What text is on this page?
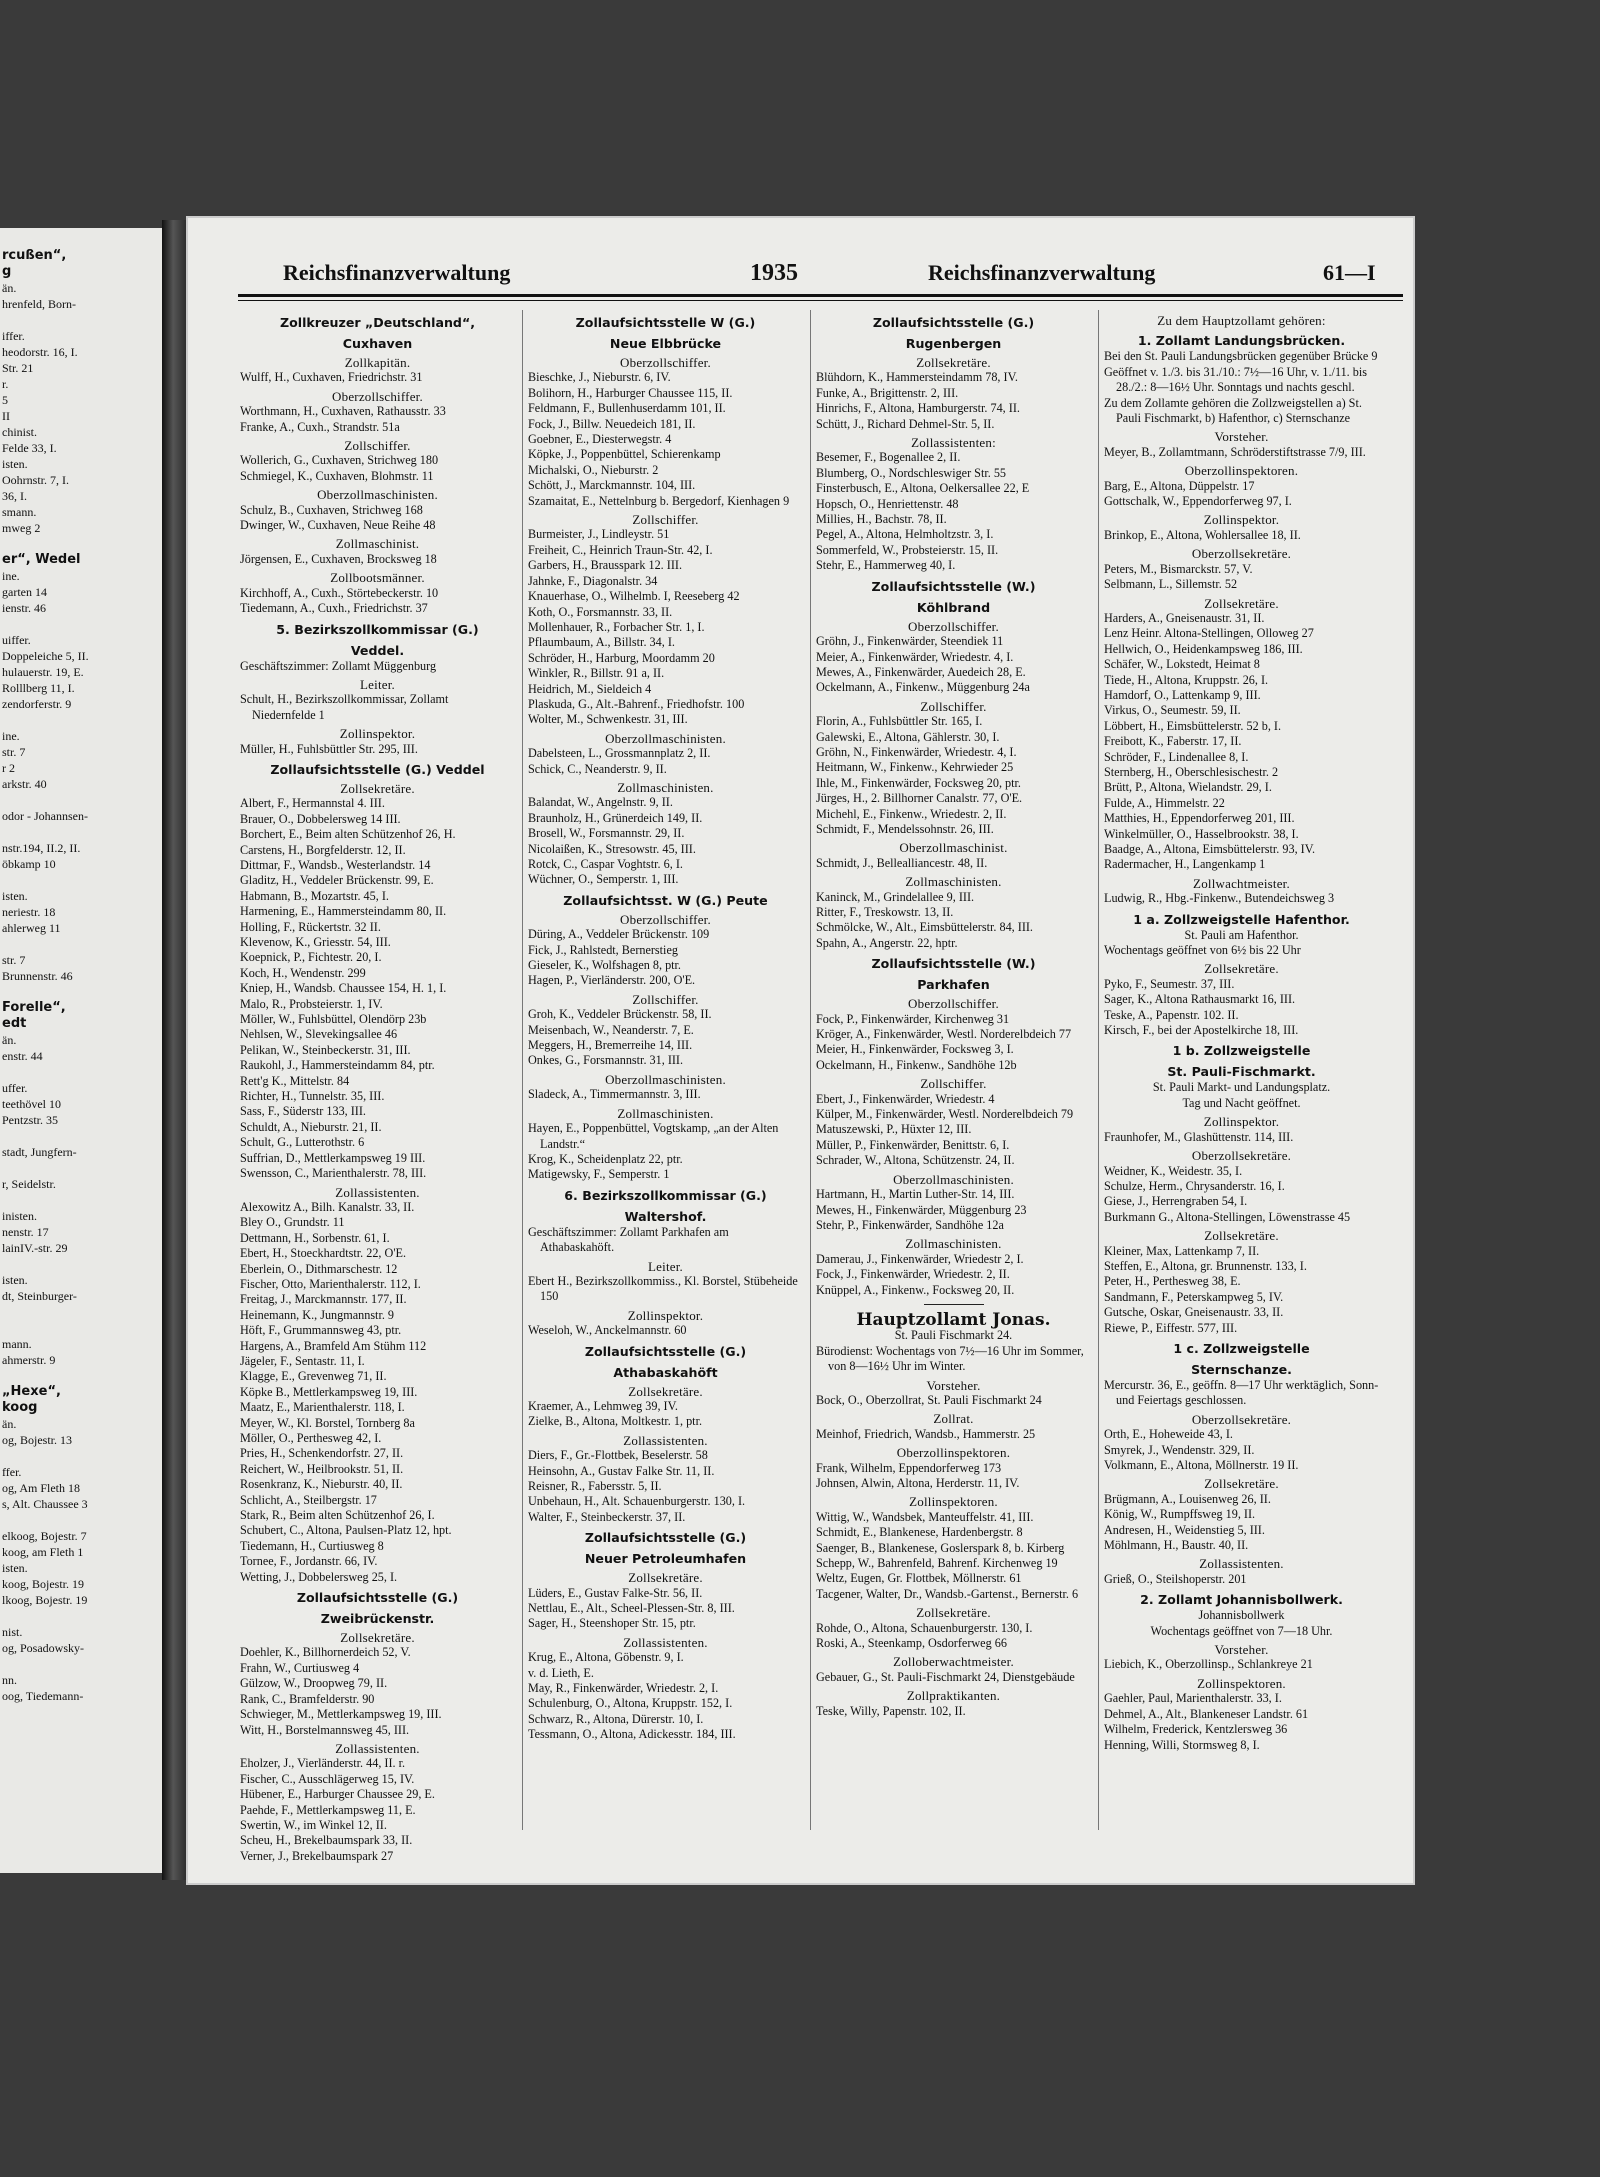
rcußen“,
g
än.
hrenfeld, Born-

iffer.
heodorstr. 16, I.
Str. 21
r.
5
II
chinist.
Felde 33, I.
isten.
Oohrnstr. 7, I.
36, I.
smann.
mweg 2

er“, Wedel
ine.
garten 14
ienstr. 46

uiffer.
Doppeleiche 5, II.
hulauerstr. 19, E.
Rolllberg 11, I.
zendorferstr. 9

ine.
str. 7
r 2
arkstr. 40

odor - Johannsen-

nstr.194, II.2, II.
öbkamp 10

isten.
neriestr. 18
ahlerweg 11

str. 7
Brunnenstr. 46

Forelle“,
edt
än.
enstr. 44

uffer.
teethövel 10
Pentzstr. 35

stadt, Jungfern-

r, Seidelstr.

inisten.
nenstr. 17
lainIV.-str. 29

isten.
dt, Steinburger-

mann.
ahmerstr. 9

„Hexe“,
koog
än.
og, Bojestr. 13

ffer.
og, Am Fleth 18
s, Alt. Chaussee 3

elkoog, Bojestr. 7
koog, am Fleth 1
isten.
koog, Bojestr. 19
lkoog, Bojestr. 19

nist.
og, Posadowsky-

nn.
oog, Tiedemann-
Reichsfinanzverwaltung	1935	Reichsfinanzverwaltung	61—I
Zollkreuzer „Deutschland“,
Cuxhaven
Zollkapitän.
Wulff, H., Cuxhaven, Friedrichstr. 31
Oberzollschiffer.
Worthmann, H., Cuxhaven, Rathausstr. 33
Franke, A., Cuxh., Strandstr. 51a
Zollschiffer.
Wollerich, G., Cuxhaven, Strichweg 180
Schmiegel, K., Cuxhaven, Blohmstr. 11
Oberzollmaschinisten.
Schulz, B., Cuxhaven, Strichweg 168
Dwinger, W., Cuxhaven, Neue Reihe 48
Zollmaschinist.
Jörgensen, E., Cuxhaven, Brocksweg 18
Zollbootsmänner.
Kirchhoff, A., Cuxh., Störtebeckerstr. 10
Tiedemann, A., Cuxh., Friedrichstr. 37
5. Bezirkszollkommissar (G.)
Veddel.
Geschäftszimmer: Zollamt Müggenburg
Leiter.
Schult, H., Bezirkszollkommissar, Zollamt Niedernfelde 1
Zollinspektor.
Müller, H., Fuhlsbüttler Str. 295, III.
Zollaufsichtsstelle (G.) Veddel
Zollsekretäre.
Albert, F., Hermannstal 4. III.
Brauer, O., Dobbelersweg 14 III.
Borchert, E., Beim alten Schützenhof 26, H.
Carstens, H., Borgfelderstr. 12, II.
Dittmar, F., Wandsb., Westerlandstr. 14
Gladitz, H., Veddeler Brückenstr. 99, E.
Habmann, B., Mozartstr. 45, I.
Harmening, E., Hammersteindamm 80, II.
Holling, F., Rückertstr. 32 II.
Klevenow, K., Griesstr. 54, III.
Koepnick, P., Fichtestr. 20, I.
Koch, H., Wendenstr. 299
Kniep, H., Wandsb. Chaussee 154, H. 1, I.
Malo, R., Probsteierstr. 1, IV.
Möller, W., Fuhlsbüttel, Olendörp 23b
Nehlsen, W., Slevekingsallee 46
Pelikan, W., Steinbeckerstr. 31, III.
Raukohl, J., Hammersteindamm 84, ptr.
Rett'g K., Mittelstr. 84
Richter, H., Tunnelstr. 35, III.
Sass, F., Süderstr 133, III.
Schuldt, A., Nieburstr. 21, II.
Schult, G., Lutterothstr. 6
Suffrian, D., Mettlerkampsweg 19 III.
Swensson, C., Marienthalerstr. 78, III.
Zollassistenten.
Alexowitz A., Bilh. Kanalstr. 33, II.
Bley O., Grundstr. 11
Dettmann, H., Sorbenstr. 61, I.
Ebert, H., Stoeckhardtstr. 22, O'E.
Eberlein, O., Dithmarschestr. 12
Fischer, Otto, Marienthalerstr. 112, I.
Freitag, J., Marckmannstr. 177, II.
Heinemann, K., Jungmannstr. 9
Höft, F., Grummannsweg 43, ptr.
Hargens, A., Bramfeld Am Stühm 112
Jägeler, F., Sentastr. 11, I.
Klagge, E., Grevenweg 71, II.
Köpke B., Mettlerkampsweg 19, III.
Maatz, E., Marienthalerstr. 118, I.
Meyer, W., Kl. Borstel, Tornberg 8a
Möller, O., Perthesweg 42, I.
Pries, H., Schenkendorfstr. 27, II.
Reichert, W., Heilbrookstr. 51, II.
Rosenkranz, K., Nieburstr. 40, II.
Schlicht, A., Steilbergstr. 17
Stark, R., Beim alten Schützenhof 26, I.
Schubert, C., Altona, Paulsen-Platz 12, hpt.
Tiedemann, H., Curtiusweg 8
Tornee, F., Jordanstr. 66, IV.
Wetting, J., Dobbelersweg 25, I.
Zollaufsichtsstelle (G.)
Zweibrückenstr.
Zollsekretäre.
Doehler, K., Billhornerdeich 52, V.
Frahn, W., Curtiusweg 4
Gülzow, W., Droopweg 79, II.
Rank, C., Bramfelderstr. 90
Schwieger, M., Mettlerkampsweg 19, III.
Witt, H., Borstelmannsweg 45, III.
Zollassistenten.
Eholzer, J., Vierländerstr. 44, II. r.
Fischer, C., Ausschlägerweg 15, IV.
Hübener, E., Harburger Chaussee 29, E.
Paehde, F., Mettlerkampsweg 11, E.
Swertin, W., im Winkel 12, II.
Scheu, H., Brekelbaumspark 33, II.
Verner, J., Brekelbaumspark 27
Zollaufsichtsstelle W (G.)
Neue Elbbrücke
Oberzollschiffer.
Bieschke, J., Nieburstr. 6, IV.
Bolihorn, H., Harburger Chaussee 115, II.
Feldmann, F., Bullenhuserdamm 101, II.
Fock, J., Billw. Neuedeich 181, II.
Goebner, E., Diesterwegstr. 4
Köpke, J., Poppenbüttel, Schierenkamp
Michalski, O., Nieburstr. 2
Schött, J., Marckmannstr. 104, III.
Szamaitat, E., Nettelnburg b. Bergedorf, Kienhagen 9
Zollschiffer.
Burmeister, J., Lindleystr. 51
Freiheit, C., Heinrich Traun-Str. 42, I.
Garbers, H., Brausspark 12. III.
Jahnke, F., Diagonalstr. 34
Knauerhase, O., Wilhelmb. I, Reeseberg 42
Koth, O., Forsmannstr. 33, II.
Mollenhauer, R., Forbacher Str. 1, I.
Pflaumbaum, A., Billstr. 34, I.
Schröder, H., Harburg, Moordamm 20
Winkler, R., Billstr. 91 a, II.
Heidrich, M., Sieldeich 4
Plaskuda, G., Alt.-Bahrenf., Friedhofstr. 100
Wolter, M., Schwenkestr. 31, III.
Oberzollmaschinisten.
Dabelsteen, L., Grossmannplatz 2, II.
Schick, C., Neanderstr. 9, II.
Zollmaschinisten.
Balandat, W., Angelnstr. 9, II.
Braunholz, H., Grünerdeich 149, II.
Brosell, W., Forsmannstr. 29, II.
Nicolaißen, K., Stresowstr. 45, III.
Rotck, C., Caspar Voghtstr. 6, I.
Wüchner, O., Semperstr. 1, III.
Zollaufsichtsst. W (G.) Peute
Oberzollschiffer.
Düring, A., Veddeler Brückenstr. 109
Fick, J., Rahlstedt, Bernerstieg
Gieseler, K., Wolfshagen 8, ptr.
Hagen, P., Vierländerstr. 200, O'E.
Zollschiffer.
Groh, K., Veddeler Brückenstr. 58, II.
Meisenbach, W., Neanderstr. 7, E.
Meggers, H., Bremerreihe 14, III.
Onkes, G., Forsmannstr. 31, III.
Oberzollmaschinisten.
Sladeck, A., Timmermannstr. 3, III.
Zollmaschinisten.
Hayen, E., Poppenbüttel, Vogtskamp, „an der Alten Landstr.“
Krog, K., Scheidenplatz 22, ptr.
Matigewsky, F., Semperstr. 1
6. Bezirkszollkommissar (G.)
Waltershof.
Geschäftszimmer: Zollamt Parkhafen am Athabaskahöft.
Leiter.
Ebert H., Bezirkszollkommiss., Kl. Borstel, Stübeheide 150
Zollinspektor.
Weseloh, W., Anckelmannstr. 60
Zollaufsichtsstelle (G.)
Athabaskahöft
Zollsekretäre.
Kraemer, A., Lehmweg 39, IV.
Zielke, B., Altona, Moltkestr. 1, ptr.
Zollassistenten.
Diers, F., Gr.-Flottbek, Beselerstr. 58
Heinsohn, A., Gustav Falke Str. 11, II.
Reisner, R., Fabersstr. 5, II.
Unbehaun, H., Alt. Schauenburgerstr. 130, I.
Walter, F., Steinbeckerstr. 37, II.
Zollaufsichtsstelle (G.)
Neuer Petroleumhafen
Zollsekretäre.
Lüders, E., Gustav Falke-Str. 56, II.
Nettlau, E., Alt., Scheel-Plessen-Str. 8, III.
Sager, H., Steenshoper Str. 15, ptr.
Zollassistenten.
Krug, E., Altona, Göbenstr. 9, I.
v. d. Lieth, E.
May, R., Finkenwärder, Wriedestr. 2, I.
Schulenburg, O., Altona, Kruppstr. 152, I.
Schwarz, R., Altona, Dürerstr. 10, I.
Tessmann, O., Altona, Adickesstr. 184, III.
Zollaufsichtsstelle (G.)
Rugenbergen
Zollsekretäre.
Blühdorn, K., Hammersteindamm 78, IV.
Funke, A., Brigittenstr. 2, III.
Hinrichs, F., Altona, Hamburgerstr. 74, II.
Schütt, J., Richard Dehmel-Str. 5, II.
Zollassistenten:
Besemer, F., Bogenallee 2, II.
Blumberg, O., Nordschleswiger Str. 55
Finsterbusch, E., Altona, Oelkersallee 22, E
Hopsch, O., Henriettenstr. 48
Millies, H., Bachstr. 78, II.
Pegel, A., Altona, Helmholtzstr. 3, I.
Sommerfeld, W., Probsteierstr. 15, II.
Stehr, E., Hammerweg 40, I.
Zollaufsichtsstelle (W.)
Köhlbrand
Oberzollschiffer.
Gröhn, J., Finkenwärder, Steendiek 11
Meier, A., Finkenwärder, Wriedestr. 4, I.
Mewes, A., Finkenwärder, Auedeich 28, E.
Ockelmann, A., Finkenw., Müggenburg 24a
Zollschiffer.
Florin, A., Fuhlsbüttler Str. 165, I.
Galewski, E., Altona, Gählerstr. 30, I.
Gröhn, N., Finkenwärder, Wriedestr. 4, I.
Heitmann, W., Finkenw., Kehrwieder 25
Ihle, M., Finkenwärder, Focksweg 20, ptr.
Jürges, H., 2. Billhorner Canalstr. 77, O'E.
Michehl, E., Finkenw., Wriedestr. 2, II.
Schmidt, F., Mendelssohnstr. 26, III.
Oberzollmaschinist.
Schmidt, J., Bellealliancestr. 48, II.
Zollmaschinisten.
Kaninck, M., Grindelallee 9, III.
Ritter, F., Treskowstr. 13, II.
Schmölcke, W., Alt., Eimsbüttelerstr. 84, III.
Spahn, A., Angerstr. 22, hptr.
Zollaufsichtsstelle (W.)
Parkhafen
Oberzollschiffer.
Fock, P., Finkenwärder, Kirchenweg 31
Kröger, A., Finkenwärder, Westl. Norderelbdeich 77
Meier, H., Finkenwärder, Focksweg 3, I.
Ockelmann, H., Finkenw., Sandhöhe 12b
Zollschiffer.
Ebert, J., Finkenwärder, Wriedestr. 4
Külper, M., Finkenwärder, Westl. Norderelbdeich 79
Matuszewski, P., Hüxter 12, III.
Müller, P., Finkenwärder, Benittstr. 6, I.
Schrader, W., Altona, Schützenstr. 24, II.
Oberzollmaschinisten.
Hartmann, H., Martin Luther-Str. 14, III.
Mewes, H., Finkenwärder, Müggenburg 23
Stehr, P., Finkenwärder, Sandhöhe 12a
Zollmaschinisten.
Damerau, J., Finkenwärder, Wriedestr 2, I.
Fock, J., Finkenwärder, Wriedestr. 2, II.
Knüppel, A., Finkenw., Focksweg 20, II.
Hauptzollamt Jonas.
St. Pauli Fischmarkt 24.
Bürodienst: Wochentags von 7½—16 Uhr im Sommer, von 8—16½ Uhr im Winter.
Vorsteher.
Bock, O., Oberzollrat, St. Pauli Fischmarkt 24
Zollrat.
Meinhof, Friedrich, Wandsb., Hammerstr. 25
Oberzollinspektoren.
Frank, Wilhelm, Eppendorferweg 173
Johnsen, Alwin, Altona, Herderstr. 11, IV.
Zollinspektoren.
Wittig, W., Wandsbek, Manteuffelstr. 41, III.
Schmidt, E., Blankenese, Hardenbergstr. 8
Saenger, B., Blankenese, Goslerspark 8, b. Kirberg
Schepp, W., Bahrenfeld, Bahrenf. Kirchenweg 19
Weltz, Eugen, Gr. Flottbek, Möllnerstr. 61
Tacgener, Walter, Dr., Wandsb.-Gartenst., Bernerstr. 6
Zollsekretäre.
Rohde, O., Altona, Schauenburgerstr. 130, I.
Roski, A., Steenkamp, Osdorferweg 66
Zolloberwachtmeister.
Gebauer, G., St. Pauli-Fischmarkt 24, Dienstgebäude
Zollpraktikanten.
Teske, Willy, Papenstr. 102, II.
Zu dem Hauptzollamt gehören:
1. Zollamt Landungsbrücken.
Bei den St. Pauli Landungsbrücken gegenüber Brücke 9
Geöffnet v. 1./3. bis 31./10.: 7½—16 Uhr, v. 1./11. bis 28./2.: 8—16½ Uhr. Sonntags und nachts geschl.
Zu dem Zollamte gehören die Zollzweigstellen a) St. Pauli Fischmarkt, b) Hafenthor, c) Sternschanze
Vorsteher.
Meyer, B., Zollamtmann, Schröderstiftstrasse 7/9, III.
Oberzollinspektoren.
Barg, E., Altona, Düppelstr. 17
Gottschalk, W., Eppendorferweg 97, I.
Zollinspektor.
Brinkop, E., Altona, Wohlersallee 18, II.
Oberzollsekretäre.
Peters, M., Bismarckstr. 57, V.
Selbmann, L., Sillemstr. 52
Zollsekretäre.
Harders, A., Gneisenaustr. 31, II.
Lenz Heinr. Altona-Stellingen, Olloweg 27
Hellwich, O., Heidenkampsweg 186, III.
Schäfer, W., Lokstedt, Heimat 8
Tiede, H., Altona, Kruppstr. 26, I.
Hamdorf, O., Lattenkamp 9, III.
Virkus, O., Seumestr. 59, II.
Löbbert, H., Eimsbüttelerstr. 52 b, I.
Freibott, K., Faberstr. 17, II.
Schröder, F., Lindenallee 8, I.
Sternberg, H., Oberschlesischestr. 2
Brütt, P., Altona, Wielandstr. 29, I.
Fulde, A., Himmelstr. 22
Matthies, H., Eppendorferweg 201, III.
Winkelmüller, O., Hasselbrookstr. 38, I.
Baadge, A., Altona, Eimsbüttelerstr. 93, IV.
Radermacher, H., Langenkamp 1
Zollwachtmeister.
Ludwig, R., Hbg.-Finkenw., Butendeichsweg 3
1 a. Zollzweigstelle Hafenthor.
St. Pauli am Hafenthor.
Wochentags geöffnet von 6½ bis 22 Uhr
Zollsekretäre.
Pyko, F., Seumestr. 37, III.
Sager, K., Altona Rathausmarkt 16, III.
Teske, A., Papenstr. 102. II.
Kirsch, F., bei der Apostelkirche 18, III.
1 b. Zollzweigstelle
St. Pauli-Fischmarkt.
St. Pauli Markt- und Landungsplatz.
Tag und Nacht geöffnet.
Zollinspektor.
Fraunhofer, M., Glashüttenstr. 114, III.
Oberzollsekretäre.
Weidner, K., Weidestr. 35, I.
Schulze, Herm., Chrysanderstr. 16, I.
Giese, J., Herrengraben 54, I.
Burkmann G., Altona-Stellingen, Löwenstrasse 45
Zollsekretäre.
Kleiner, Max, Lattenkamp 7, II.
Steffen, E., Altona, gr. Brunnenstr. 133, I.
Peter, H., Perthesweg 38, E.
Sandmann, F., Peterskampweg 5, IV.
Gutsche, Oskar, Gneisenaustr. 33, II.
Riewe, P., Eiffestr. 577, III.
1 c. Zollzweigstelle
Sternschanze.
Mercurstr. 36, E., geöffn. 8—17 Uhr werktäglich, Sonn- und Feiertags geschlossen.
Oberzollsekretäre.
Orth, E., Hoheweide 43, I.
Smyrek, J., Wendenstr. 329, II.
Volkmann, E., Altona, Möllnerstr. 19 II.
Zollsekretäre.
Brügmann, A., Louisenweg 26, II.
König, W., Rumpffsweg 19, II.
Andresen, H., Weidenstieg 5, III.
Möhlmann, H., Baustr. 40, II.
Zollassistenten.
Grieß, O., Steilshoperstr. 201
2. Zollamt Johannisbollwerk.
Johannisbollwerk
Wochentags geöffnet von 7—18 Uhr.
Vorsteher.
Liebich, K., Oberzollinsp., Schlankreye 21
Zollinspektoren.
Gaehler, Paul, Marienthalerstr. 33, I.
Dehmel, A., Alt., Blankeneser Landstr. 61
Wilhelm, Frederick, Kentzlersweg 36
Henning, Willi, Stormsweg 8, I.
